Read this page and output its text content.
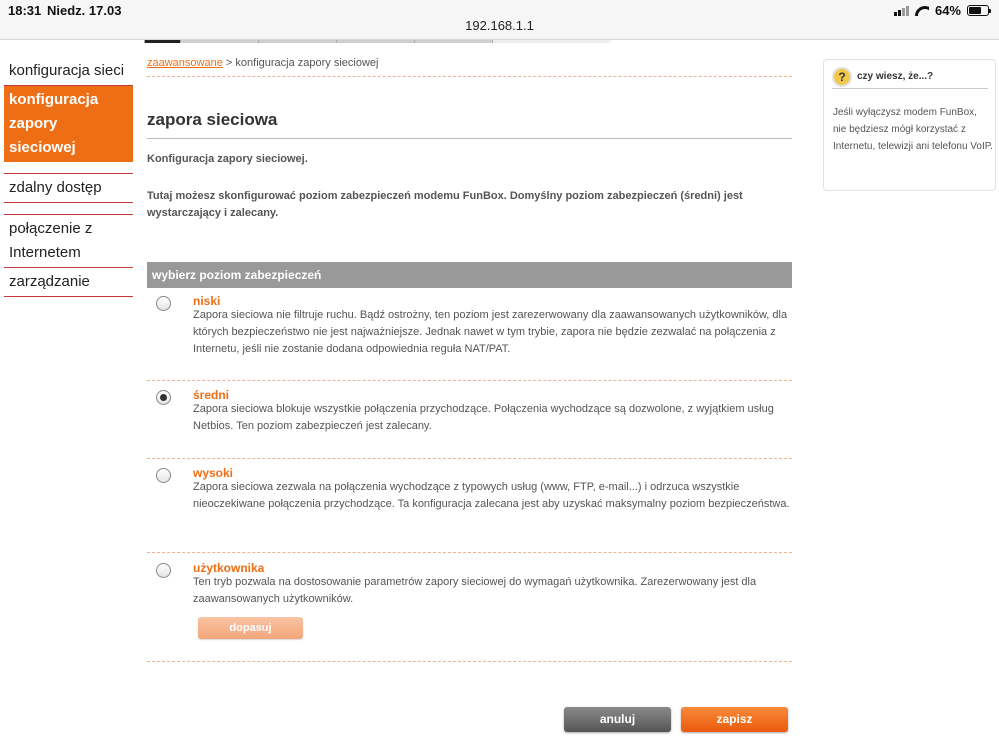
18:31 Niedz. 17.03
192.168.1.1
64%
konfiguracja sieci
konfiguracja zapory sieciowej
zdalny dostęp
połączenie z Internetem
zarządzanie
zaawansowane > konfiguracja zapory sieciowej
zapora sieciowa

Konfiguracja zapory sieciowej.

Tutaj możesz skonfigurować poziom zabezpieczeń modemu FunBox. Domyślny poziom zabezpieczeń (średni) jest wystarczający i zalecany.

wybierz poziom zabezpieczeń
niski

Zapora sieciowa nie filtruje ruchu. Bądź ostrożny, ten poziom jest zarezerwowany dla zaawansowanych użytkowników, dla których bezpieczeństwo nie jest najważniejsze. Jednak nawet w tym trybie, zapora nie będzie zezwalać na połączenia z Internetu, jeśli nie zostanie dodana odpowiednia reguła NAT/PAT.

średni

Zapora sieciowa blokuje wszystkie połączenia przychodzące. Połączenia wychodzące są dozwolone, z wyjątkiem usług Netbios. Ten poziom zabezpieczeń jest zalecany.

wysoki

Zapora sieciowa zezwala na połączenia wychodzące z typowych usług (www, FTP, e-mail...) i odrzuca wszystkie nieoczekiwane połączenia przychodzące. Ta konfiguracja zalecana jest aby uzyskać maksymalny poziom bezpieczeństwa.

użytkownika

Ten tryb pozwala na dostosowanie parametrów zapory sieciowej do wymagań użytkownika. Zarezerwowany jest dla zaawansowanych użytkowników.

dopasuj
anuluj	zapisz
?	czy wiesz, że...?

Jeśli wyłączysz modem FunBox, nie będziesz mógł korzystać z Internetu, telewizji ani telefonu VoIP.
